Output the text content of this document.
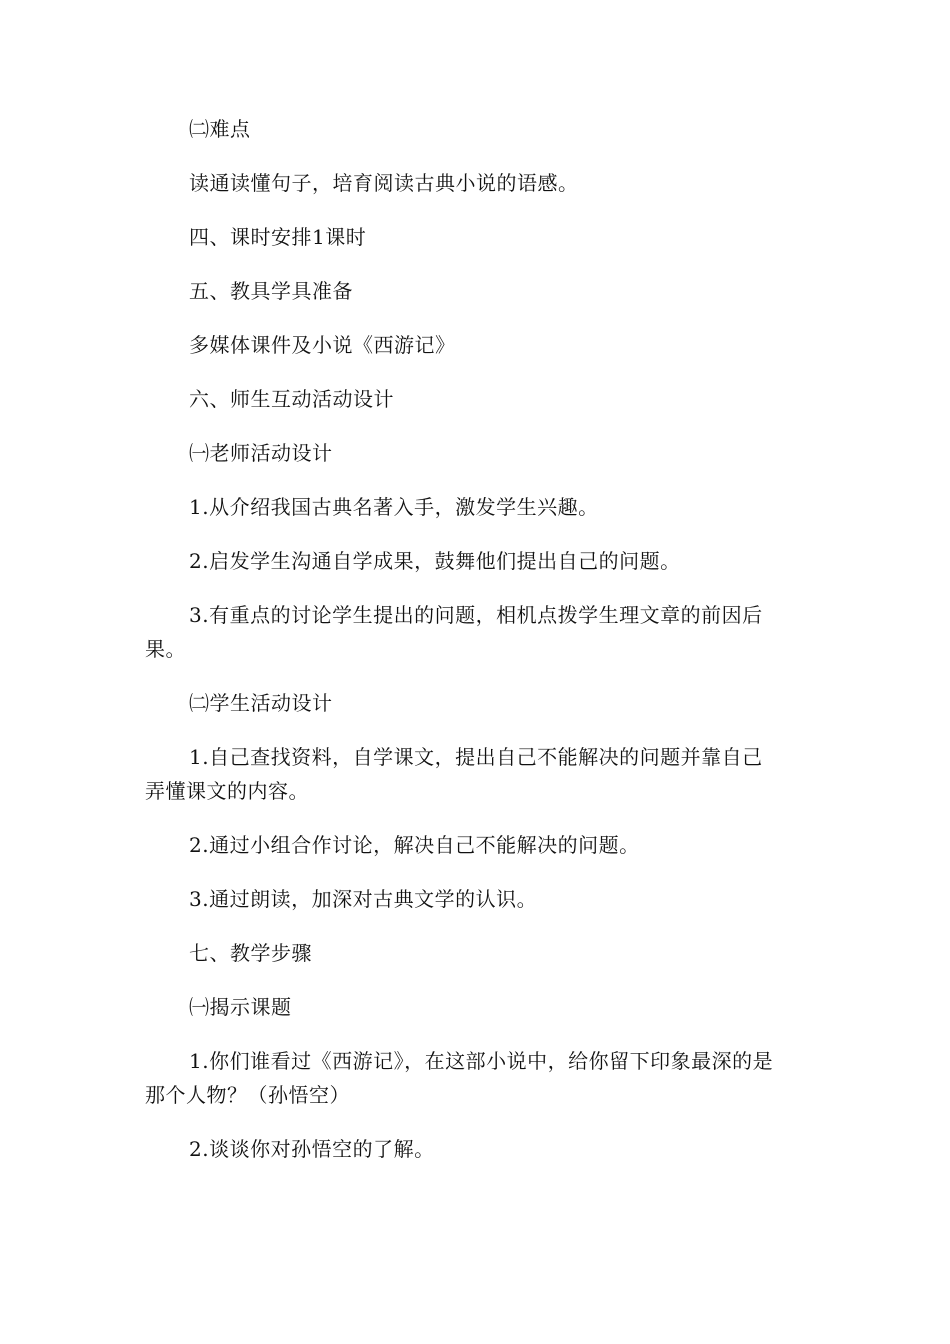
㈡难点

读通读懂句子，培育阅读古典小说的语感。

四、课时安排1课时

五、教具学具准备

多媒体课件及小说《西游记》

六、师生互动活动设计

㈠老师活动设计

1.从介绍我国古典名著入手，激发学生兴趣。

2.启发学生沟通自学成果，鼓舞他们提出自己的问题。

3.有重点的讨论学生提出的问题，相机点拨学生理文章的前因后果。

㈡学生活动设计

1.自己查找资料，自学课文，提出自己不能解决的问题并靠自己弄懂课文的内容。

2.通过小组合作讨论，解决自己不能解决的问题。

3.通过朗读，加深对古典文学的认识。

七、教学步骤

㈠揭示课题

1.你们谁看过《西游记》，在这部小说中，给你留下印象最深的是那个人物？（孙悟空）

2.谈谈你对孙悟空的了解。
